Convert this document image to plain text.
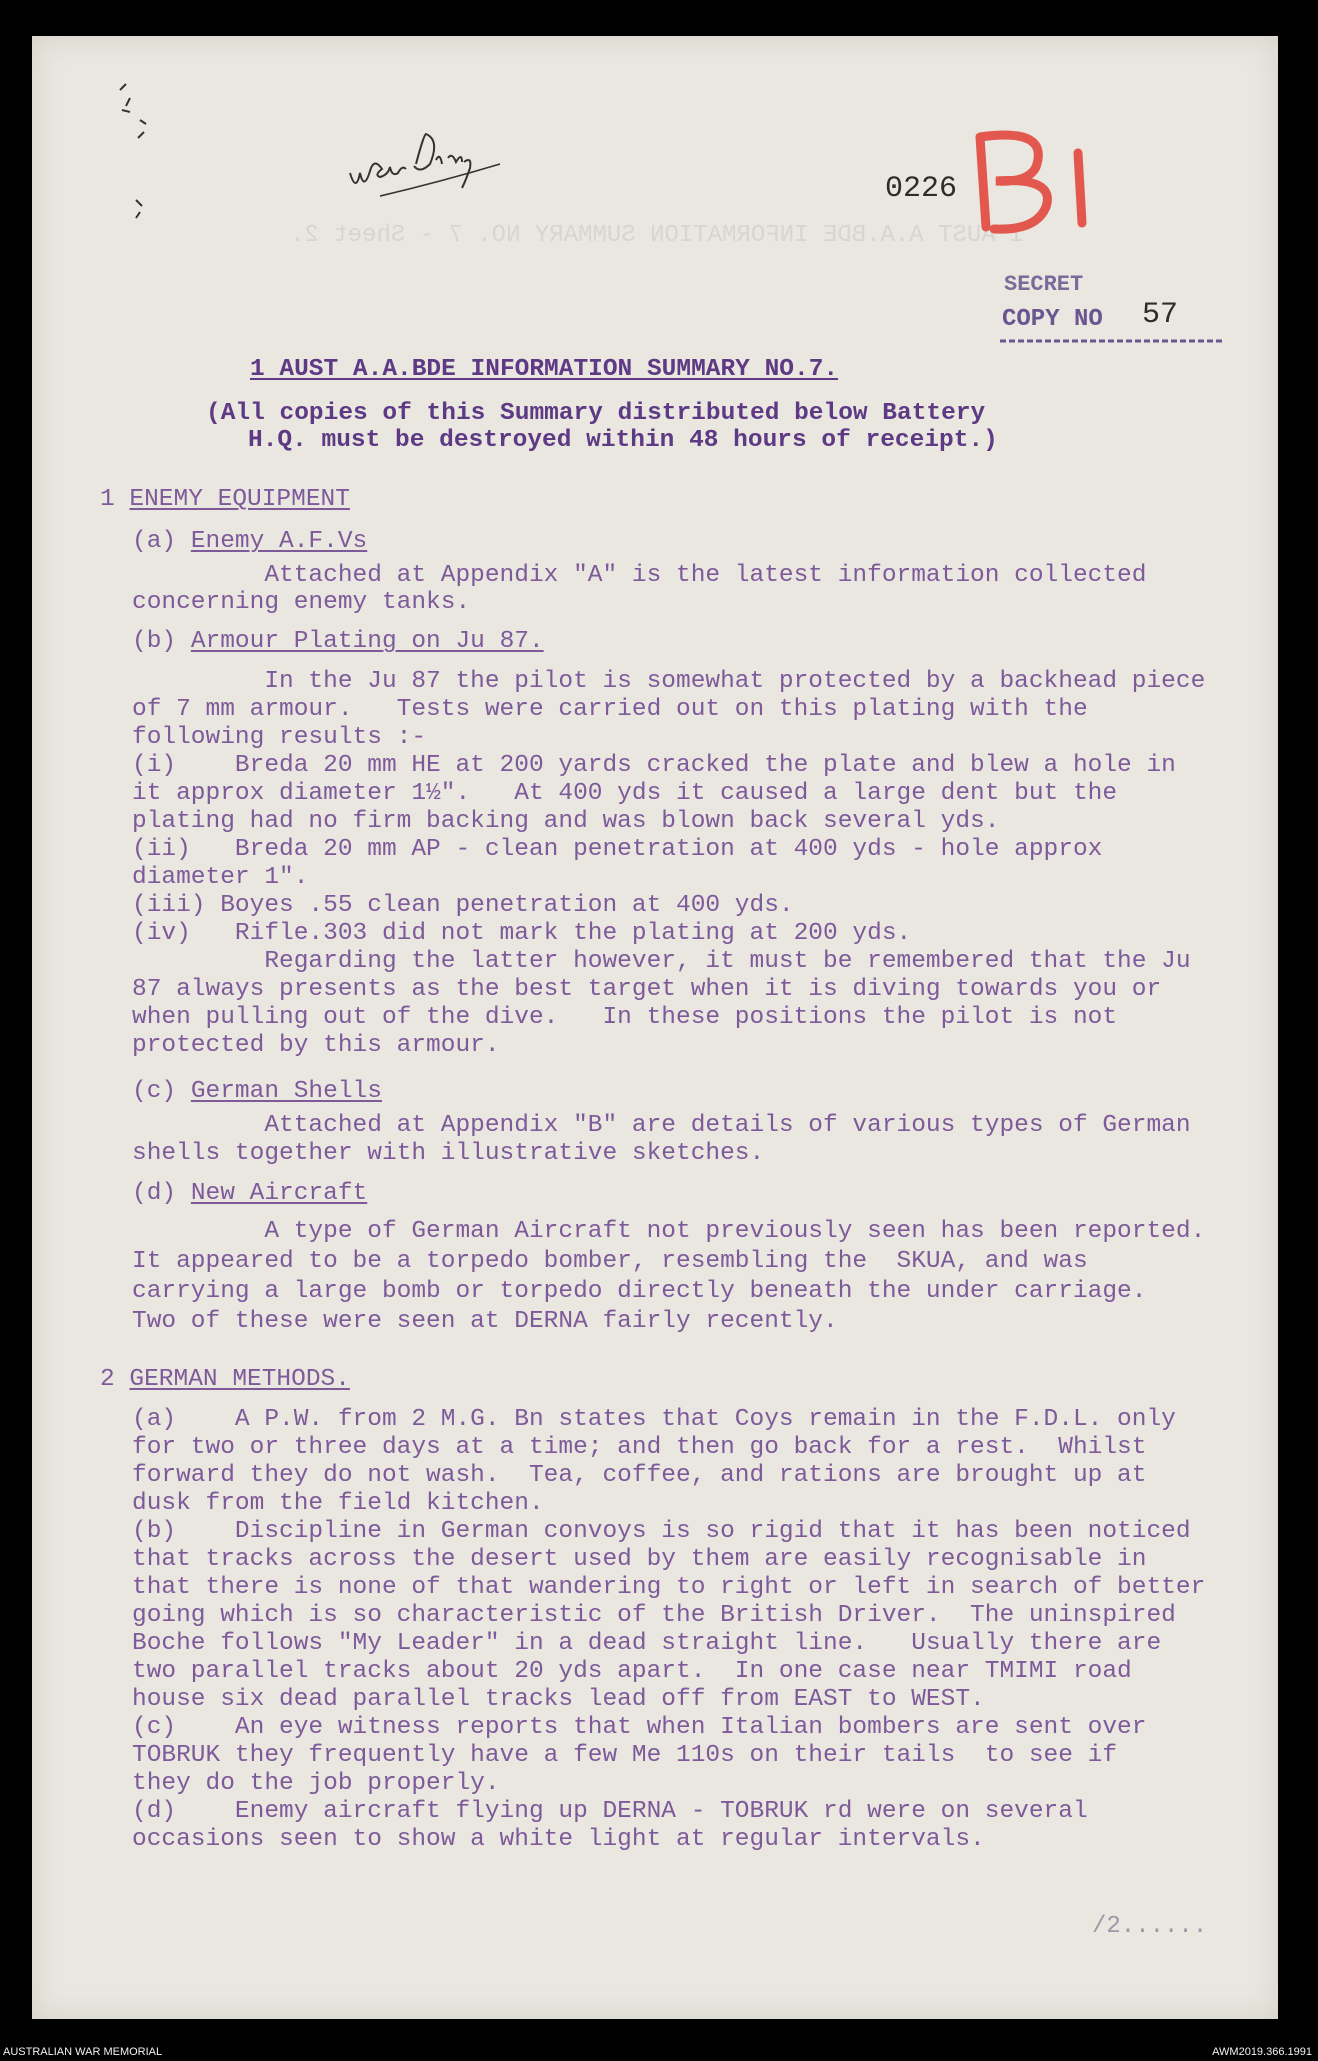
1 AUST A.A.BDE INFORMATION SUMMARY NO. 7 - Sheet 2.
0226
SECRET
COPY NO 57
1 AUST A.A.BDE INFORMATION SUMMARY NO.7.
(All copies of this Summary distributed below Battery
H.Q. must be destroyed within 48 hours of receipt.)
1 ENEMY EQUIPMENT
(a) Enemy A.F.Vs
Attached at Appendix "A" is the latest information collected
concerning enemy tanks.
(b) Armour Plating on Ju 87.
In the Ju 87 the pilot is somewhat protected by a backhead piece
of 7 mm armour.   Tests were carried out on this plating with the
following results :-
(i)    Breda 20 mm HE at 200 yards cracked the plate and blew a hole in
it approx diameter 1½".   At 400 yds it caused a large dent but the
plating had no firm backing and was blown back several yds.
(ii)   Breda 20 mm AP - clean penetration at 400 yds - hole approx
diameter 1".
(iii) Boyes .55 clean penetration at 400 yds.
(iv)   Rifle.303 did not mark the plating at 200 yds.
Regarding the latter however, it must be remembered that the Ju
87 always presents as the best target when it is diving towards you or
when pulling out of the dive.   In these positions the pilot is not
protected by this armour.
(c) German Shells
Attached at Appendix "B" are details of various types of German
shells together with illustrative sketches.
(d) New Aircraft
A type of German Aircraft not previously seen has been reported.
It appeared to be a torpedo bomber, resembling the  SKUA, and was
carrying a large bomb or torpedo directly beneath the under carriage.
Two of these were seen at DERNA fairly recently.
2 GERMAN METHODS.
(a)    A P.W. from 2 M.G. Bn states that Coys remain in the F.D.L. only
for two or three days at a time; and then go back for a rest.  Whilst
forward they do not wash.  Tea, coffee, and rations are brought up at
dusk from the field kitchen.
(b)    Discipline in German convoys is so rigid that it has been noticed
that tracks across the desert used by them are easily recognisable in
that there is none of that wandering to right or left in search of better
going which is so characteristic of the British Driver.  The uninspired
Boche follows "My Leader" in a dead straight line.   Usually there are
two parallel tracks about 20 yds apart.  In one case near TMIMI road
house six dead parallel tracks lead off from EAST to WEST.
(c)    An eye witness reports that when Italian bombers are sent over
TOBRUK they frequently have a few Me 110s on their tails  to see if
they do the job properly.
(d)    Enemy aircraft flying up DERNA - TOBRUK rd were on several
occasions seen to show a white light at regular intervals.
/2......
AUSTRALIAN WAR MEMORIAL	AWM2019.366.1991
